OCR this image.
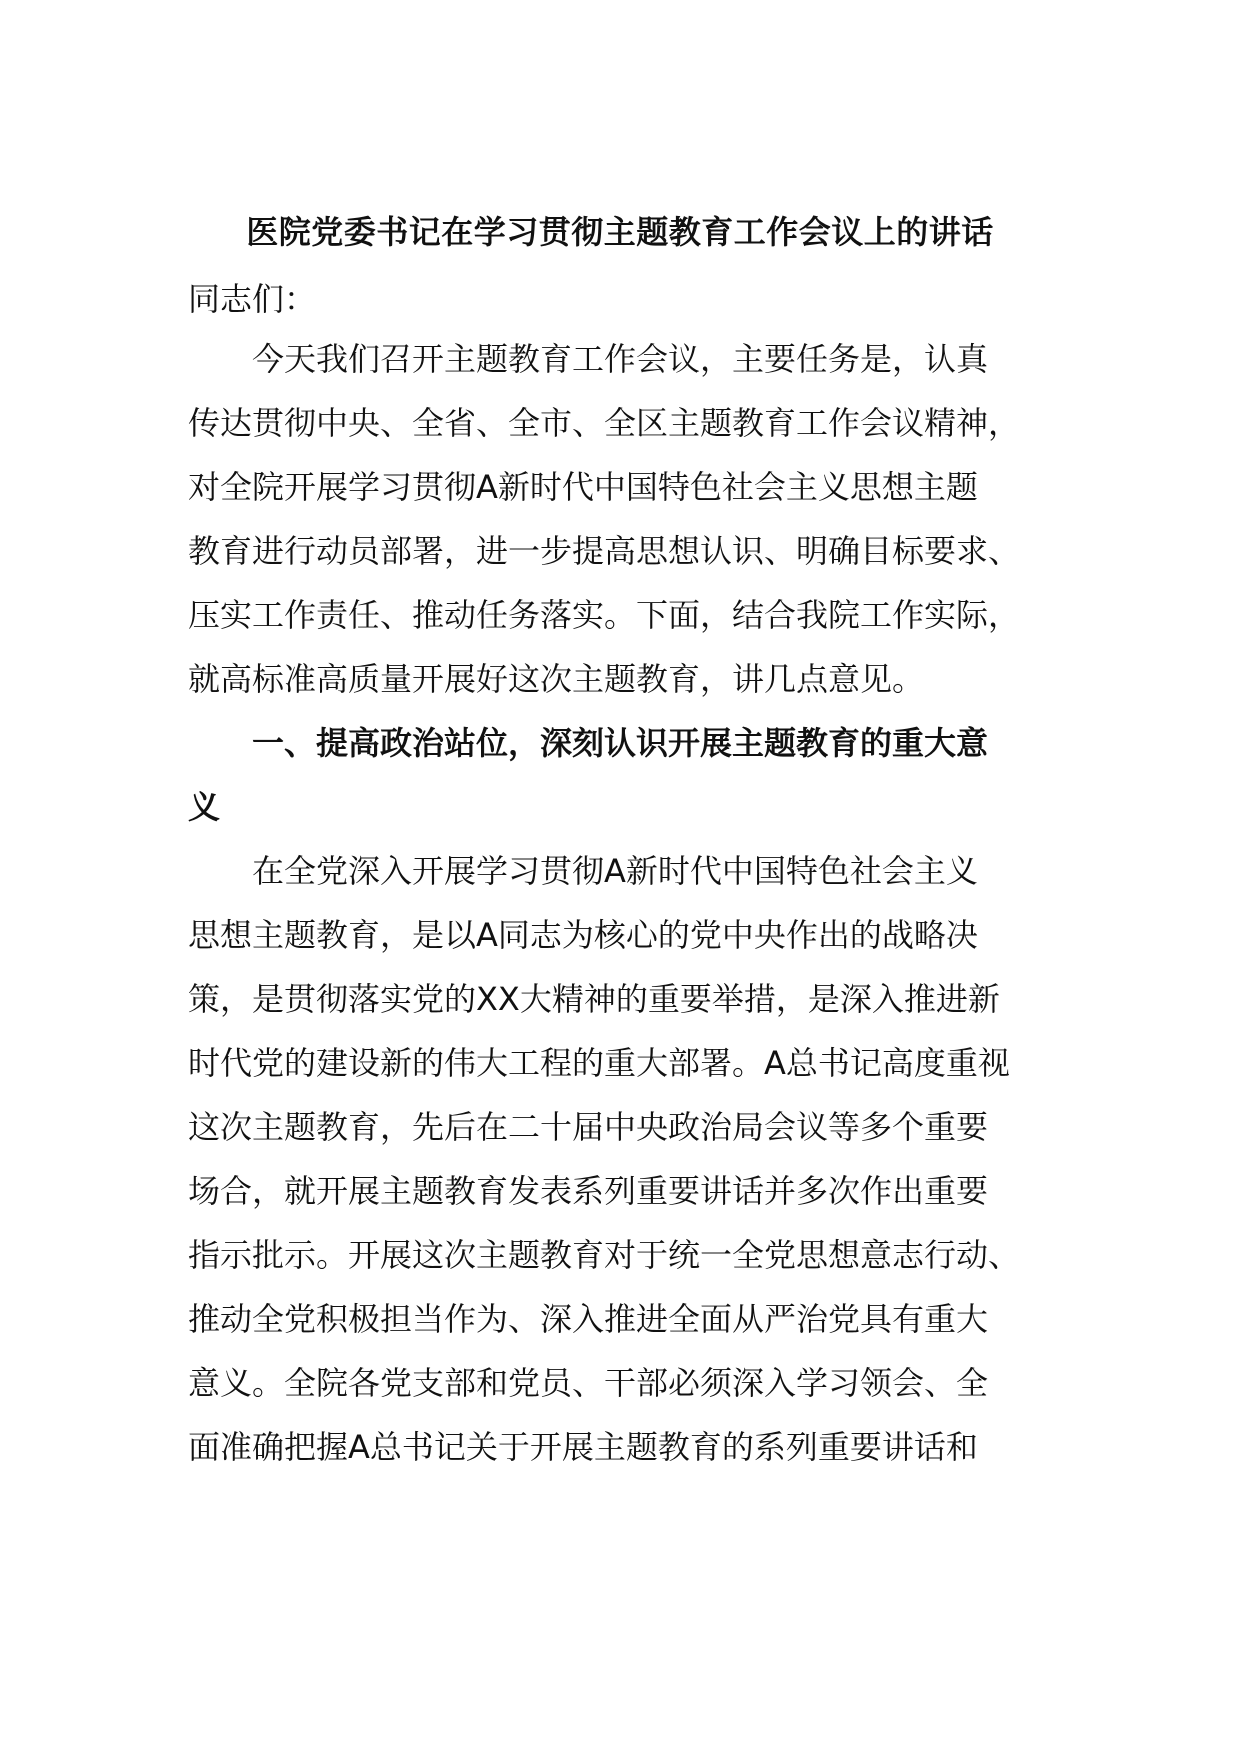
医院党委书记在学习贯彻主题教育工作会议上的讲话
同志们：
今天我们召开主题教育工作会议，主要任务是，认真
传达贯彻中央、全省、全市、全区主题教育工作会议精神，
对全院开展学习贯彻A新时代中国特色社会主义思想主题
教育进行动员部署，进一步提高思想认识、明确目标要求、
压实工作责任、推动任务落实。下面，结合我院工作实际，
就高标准高质量开展好这次主题教育，讲几点意见。
一、提高政治站位，深刻认识开展主题教育的重大意
义
在全党深入开展学习贯彻A新时代中国特色社会主义
思想主题教育，是以A同志为核心的党中央作出的战略决
策，是贯彻落实党的XX大精神的重要举措，是深入推进新
时代党的建设新的伟大工程的重大部署。A总书记高度重视
这次主题教育，先后在二十届中央政治局会议等多个重要
场合，就开展主题教育发表系列重要讲话并多次作出重要
指示批示。开展这次主题教育对于统一全党思想意志行动、
推动全党积极担当作为、深入推进全面从严治党具有重大
意义。全院各党支部和党员、干部必须深入学习领会、全
面准确把握A总书记关于开展主题教育的系列重要讲话和
